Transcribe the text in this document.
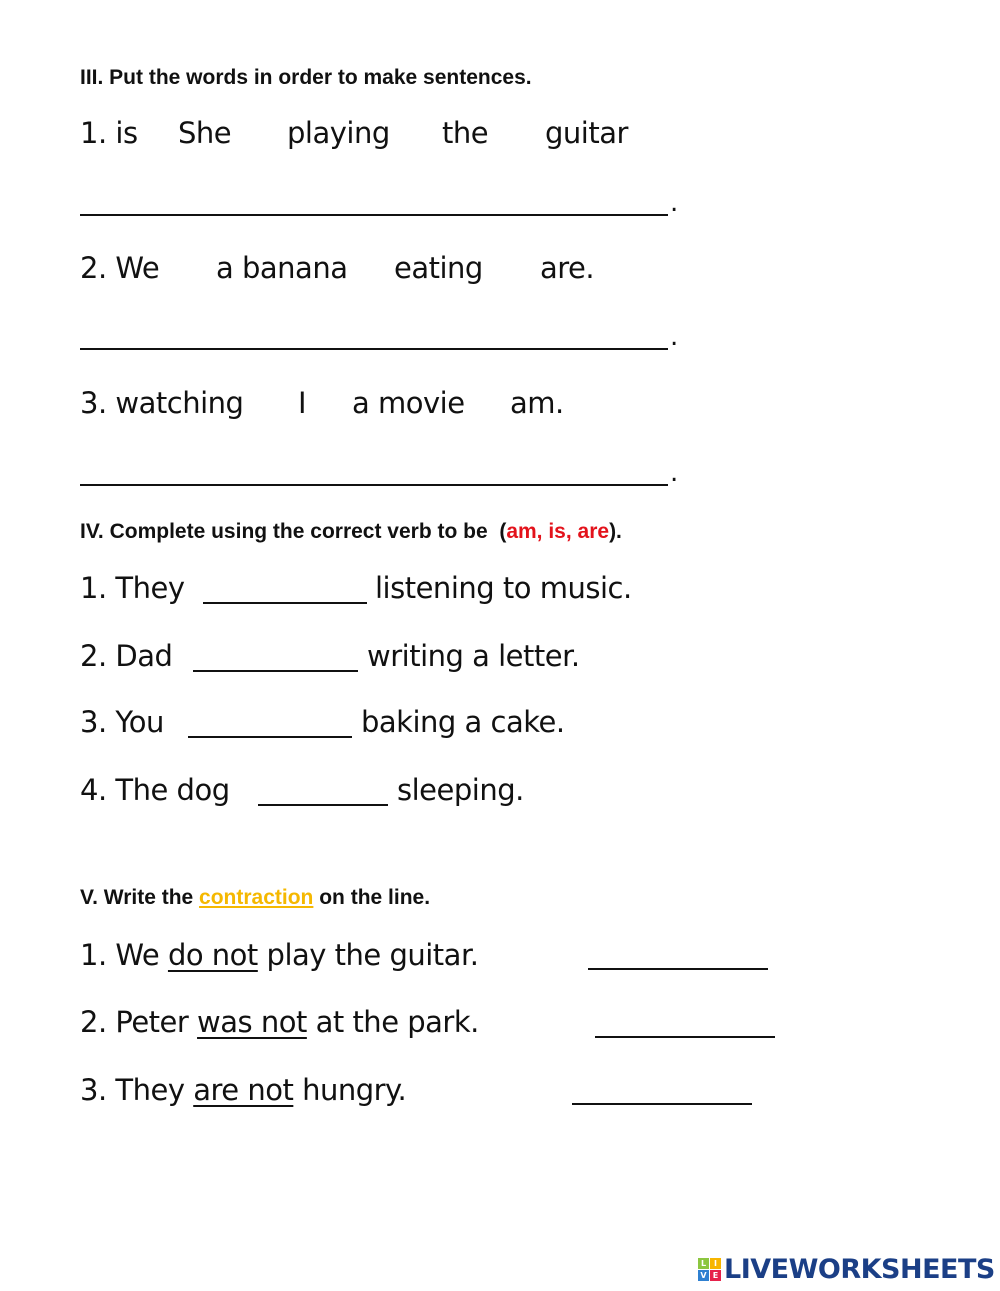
III. Put the words in order to make sentences.
1. is She playing the guitar
.
2. We a banana eating are.
.
3. watching I a movie am.
.
IV. Complete using the correct verb to be (am, is, are).
1. They	listening to music.
2. Dad	writing a letter.
3. You	baking a cake.
4. The dog	sleeping.
V. Write the contraction on the line.
1. We do not play the guitar.
2. Peter was not at the park.
3. They are not hungry.
L I
V E LIVEWORKSHEETS
